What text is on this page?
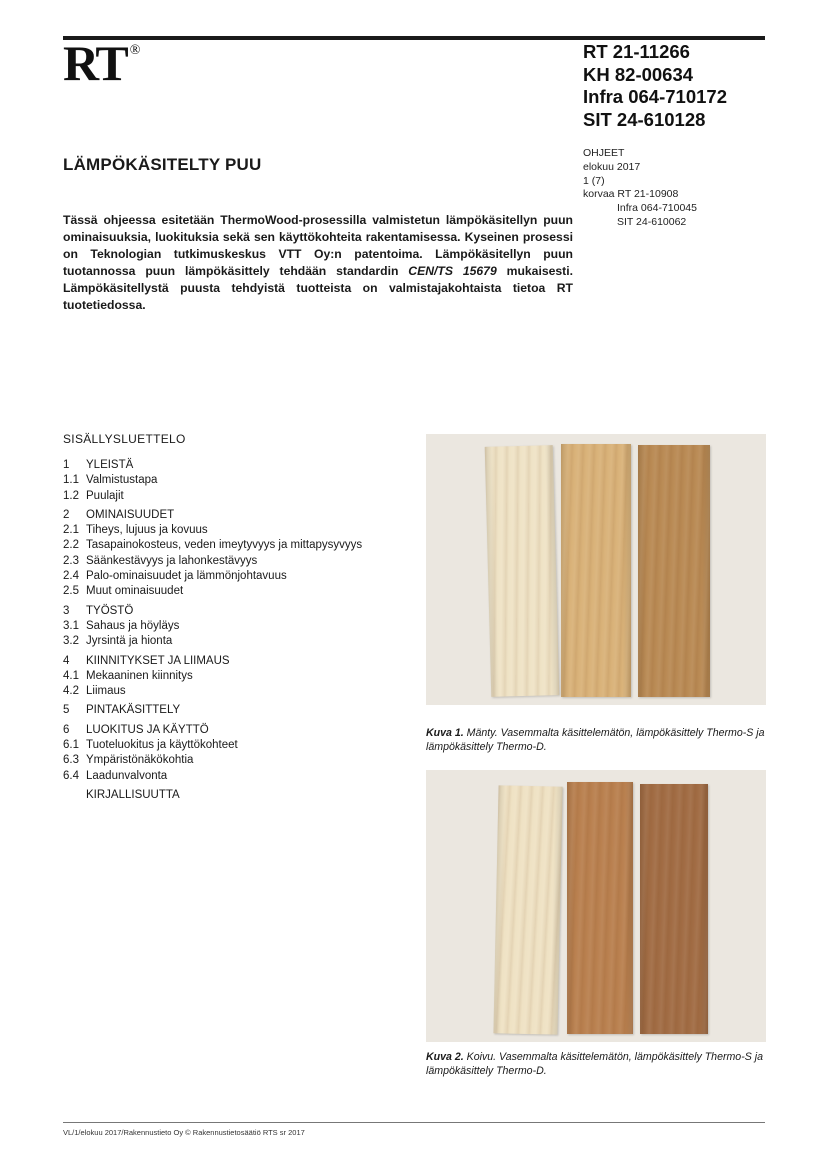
RT ®	RT 21-11266
KH 82-00634
Infra 064-710172
SIT 24-610128
OHJEET
elokuu 2017
1 (7)
korvaa RT 21-10908
Infra 064-710045
SIT 24-610062
LÄMPÖKÄSITELTY PUU
Tässä ohjeessa esitetään ThermoWood-prosessilla valmistetun lämpökäsitellyn puun ominaisuuksia, luokituksia sekä sen käyttökohteita rakentamisessa. Kyseinen prosessi on Teknologian tutkimuskeskus VTT Oy:n patentoima. Lämpökäsitellyn puun tuotannossa puun lämpökäsittely tehdään standardin CEN/TS 15679 mukaisesti. Lämpökäsitellystä puusta tehdyistä tuotteista on valmistajakohtaista tietoa RT tuotetiedossa.
SISÄLLYSLUETTELO
1	YLEISTÄ
1.1 Valmistustapa
1.2 Puulajit
2	OMINAISUUDET
2.1 Tiheys, lujuus ja kovuus
2.2 Tasapainokosteus, veden imeytyvyys ja mittapysyvyys
2.3 Säänkestävyys ja lahonkestävyys
2.4 Palo-ominaisuudet ja lämmönjohtavuus
2.5 Muut ominaisuudet
3	TYÖSTÖ
3.1 Sahaus ja höyläys
3.2 Jyrsintä ja hionta
4	KIINNITYKSET JA LIIMAUS
4.1 Mekaaninen kiinnitys
4.2 Liimaus
5	PINTAKÄSITTELY
6	LUOKITUS JA KÄYTTÖ
6.1 Tuoteluokitus ja käyttökohteet
6.3 Ympäristönäkökohtia
6.4 Laadunvalvonta
KIRJALLISUUTTA
Kuva 1. Mänty. Vasemmalta käsittelemätön, lämpökäsittely Thermo-S ja lämpökäsittely Thermo-D.
Kuva 2. Koivu. Vasemmalta käsittelemätön, lämpökäsittely Thermo-S ja lämpökäsittely Thermo-D.
VL/1/elokuu 2017/Rakennustieto Oy © Rakennustietosäätiö RTS sr 2017
